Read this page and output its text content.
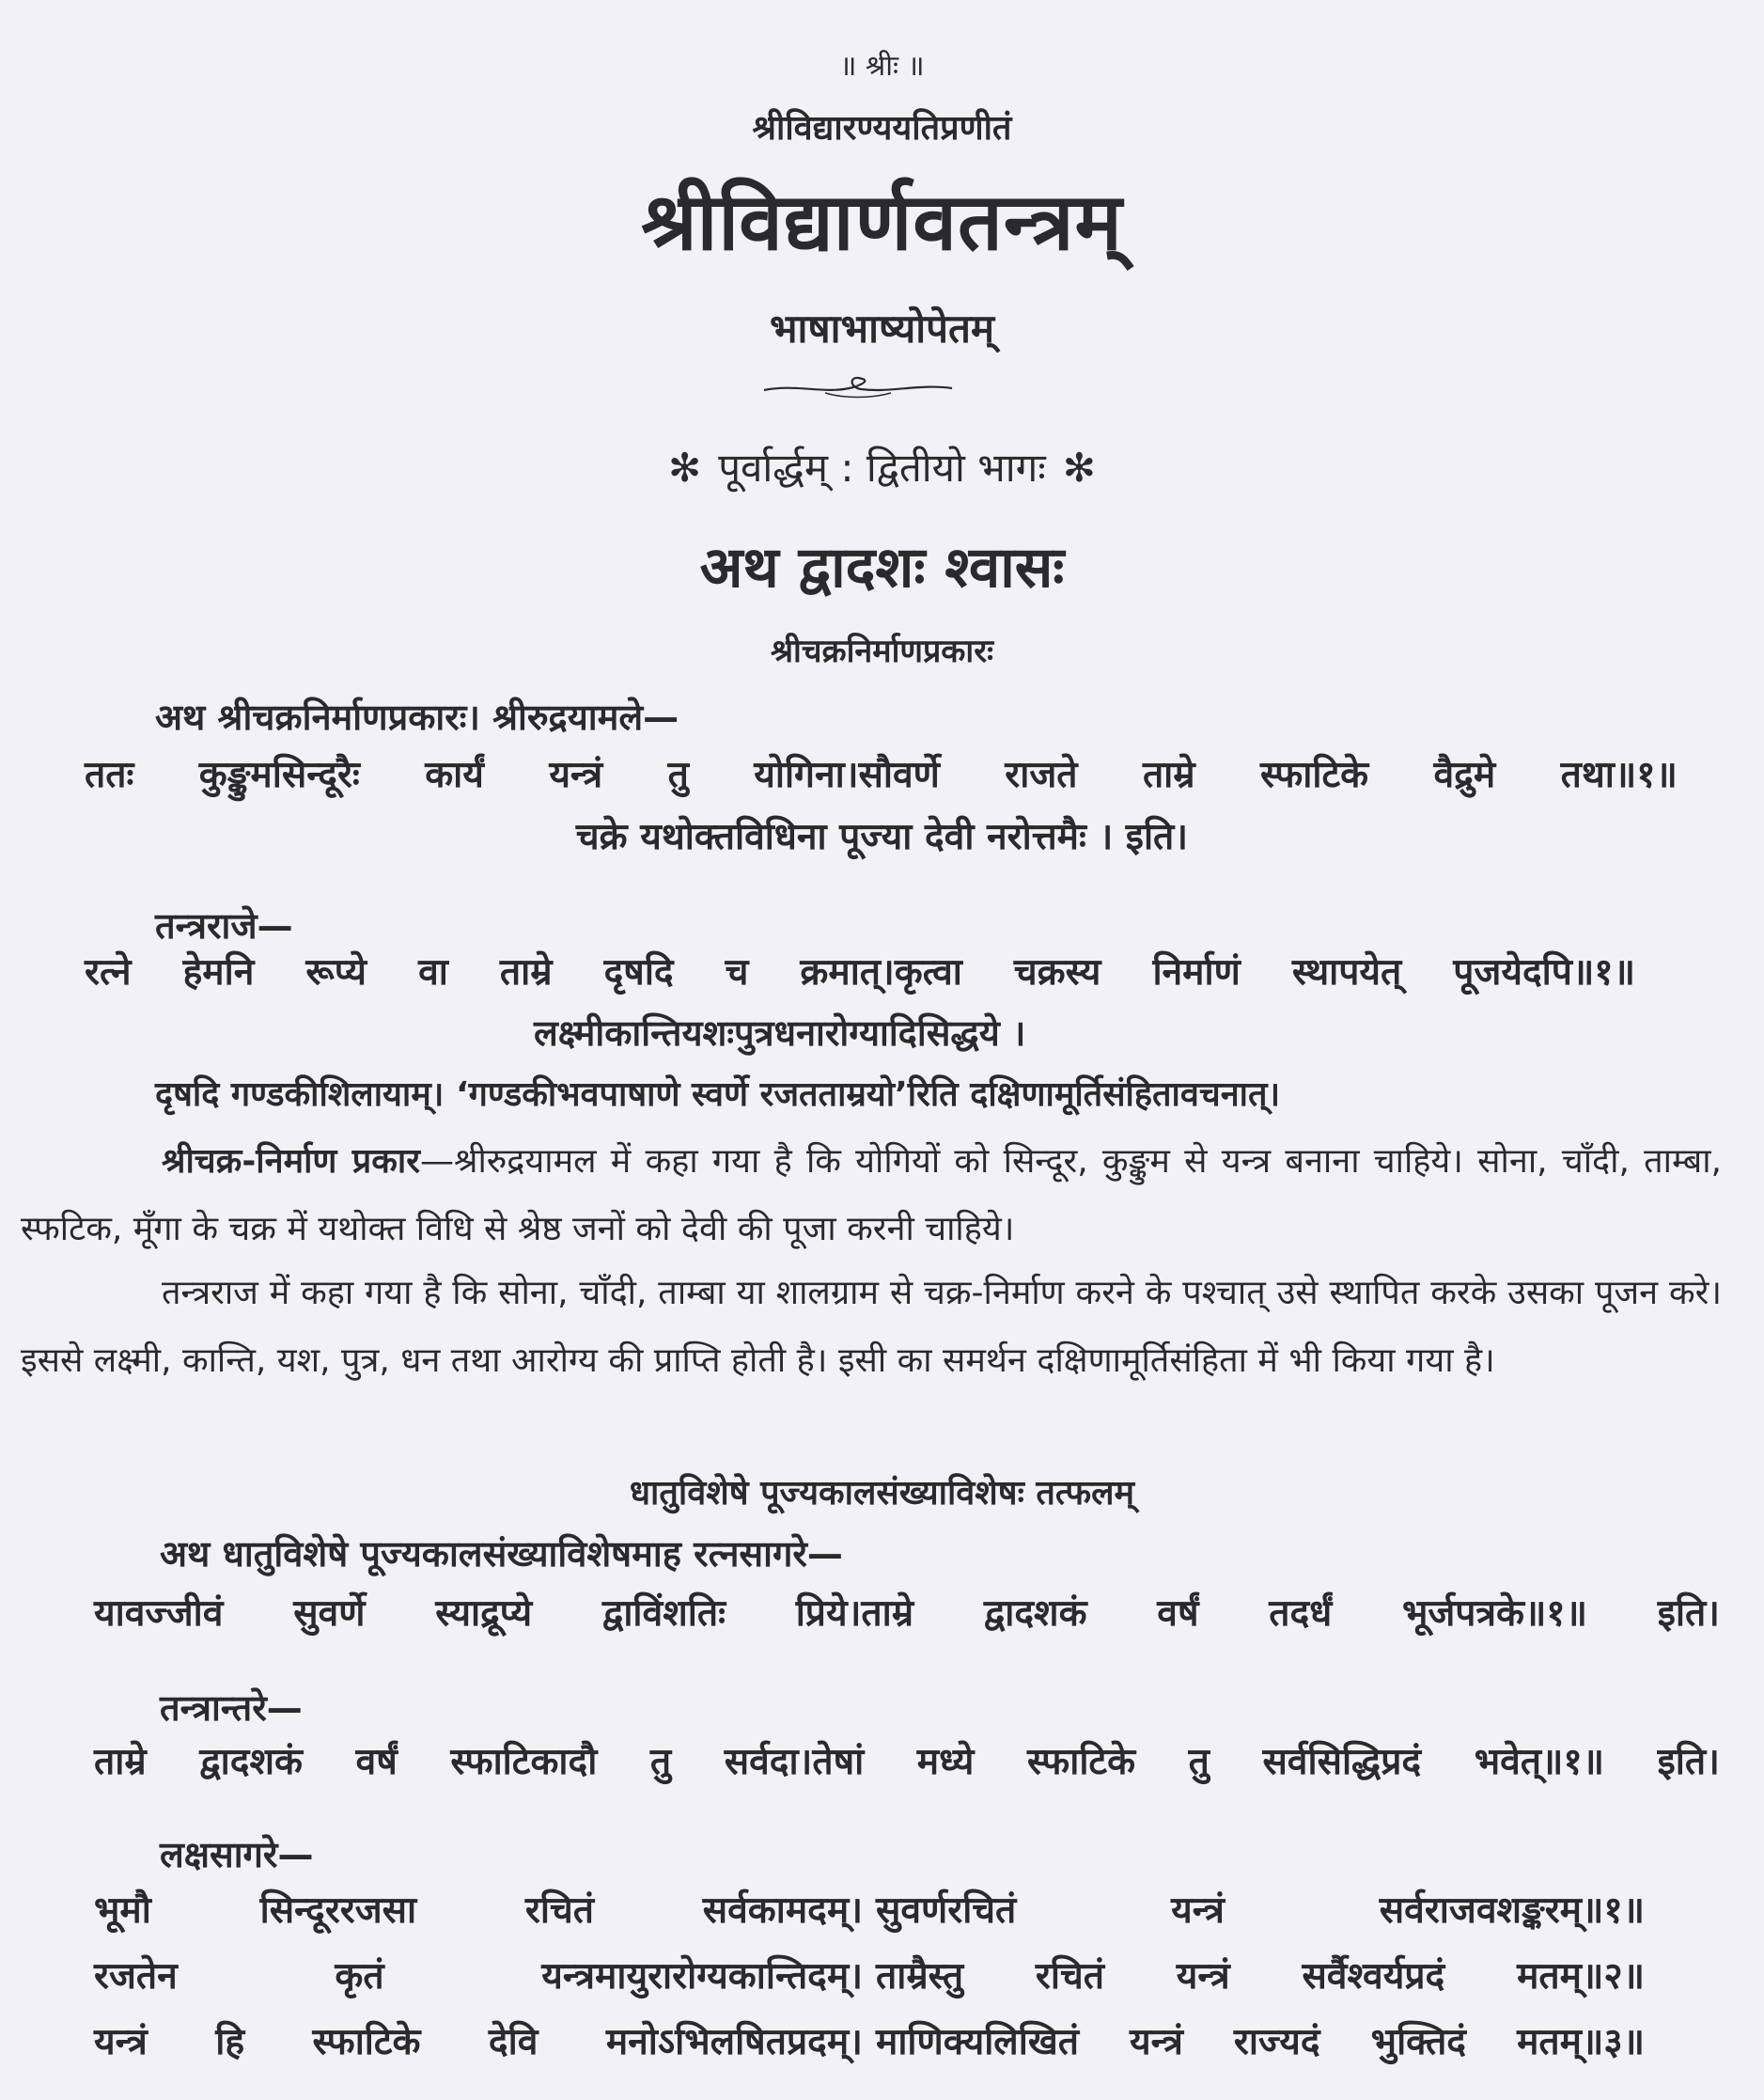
॥ श्रीः ॥
श्रीविद्यारण्ययतिप्रणीतं
श्रीविद्यार्णवतन्त्रम्
भाषाभाष्योपेतम्
✻ पूर्वार्द्धम् : द्वितीयो भागः ✻
अथ द्वादशः श्वासः
श्रीचक्रनिर्माणप्रकारः
अथ श्रीचक्रनिर्माणप्रकारः। श्रीरुद्रयामले—
ततः कुङ्कुमसिन्दूरैः कार्यं यन्त्रं तु योगिना।सौवर्णे राजते ताम्रे स्फाटिके वैद्रुमे तथा॥१॥
चक्रे यथोक्तविधिना पूज्या देवी नरोत्तमैः । इति।
तन्त्रराजे—
रत्ने हेमनि रूप्ये वा ताम्रे दृषदि च क्रमात्।कृत्वा चक्रस्य निर्माणं स्थापयेत् पूजयेदपि॥१॥
लक्ष्मीकान्तियशःपुत्रधनारोग्यादिसिद्धये ।
दृषदि गण्डकीशिलायाम्। ‘गण्डकीभवपाषाणे स्वर्णे रजतताम्रयो’रिति दक्षिणामूर्तिसंहितावचनात्।
श्रीचक्र-निर्माण प्रकार—श्रीरुद्रयामल में कहा गया है कि योगियों को सिन्दूर, कुङ्कुम से यन्त्र बनाना चाहिये। सोना, चाँदी, ताम्बा, स्फटिक, मूँगा के चक्र में यथोक्त विधि से श्रेष्ठ जनों को देवी की पूजा करनी चाहिये।
तन्त्रराज में कहा गया है कि सोना, चाँदी, ताम्बा या शालग्राम से चक्र-निर्माण करने के पश्चात् उसे स्थापित करके उसका पूजन करे। इससे लक्ष्मी, कान्ति, यश, पुत्र, धन तथा आरोग्य की प्राप्ति होती है। इसी का समर्थन दक्षिणामूर्तिसंहिता में भी किया गया है।
धातुविशेषे पूज्यकालसंख्याविशेषः तत्फलम्
अथ धातुविशेषे पूज्यकालसंख्याविशेषमाह रत्नसागरे—
यावज्जीवं सुवर्णे स्याद्रूप्ये द्वाविंशतिः प्रिये।ताम्रे द्वादशकं वर्षं तदर्धं भूर्जपत्रके॥१॥ इति।
तन्त्रान्तरे—
ताम्रे द्वादशकं वर्षं स्फाटिकादौ तु सर्वदा।तेषां मध्ये स्फाटिके तु सर्वसिद्धिप्रदं भवेत्॥१॥ इति।
लक्षसागरे—
भूमौ	सिन्दूररजसा	रचितं	सर्वकामदम्। सुवर्णरचितं	यन्त्रं	सर्वराजवशङ्करम्॥१॥
रजतेन	कृतं	यन्त्रमायुरारोग्यकान्तिदम्। ताम्रैस्तु रचितं यन्त्रं सर्वैश्वर्यप्रदं मतम्॥२॥
यन्त्रं हि स्फाटिके देवि मनोऽभिलषितप्रदम्। माणिक्यलिखितं यन्त्रं राज्यदं भुक्तिदं मतम्॥३॥
